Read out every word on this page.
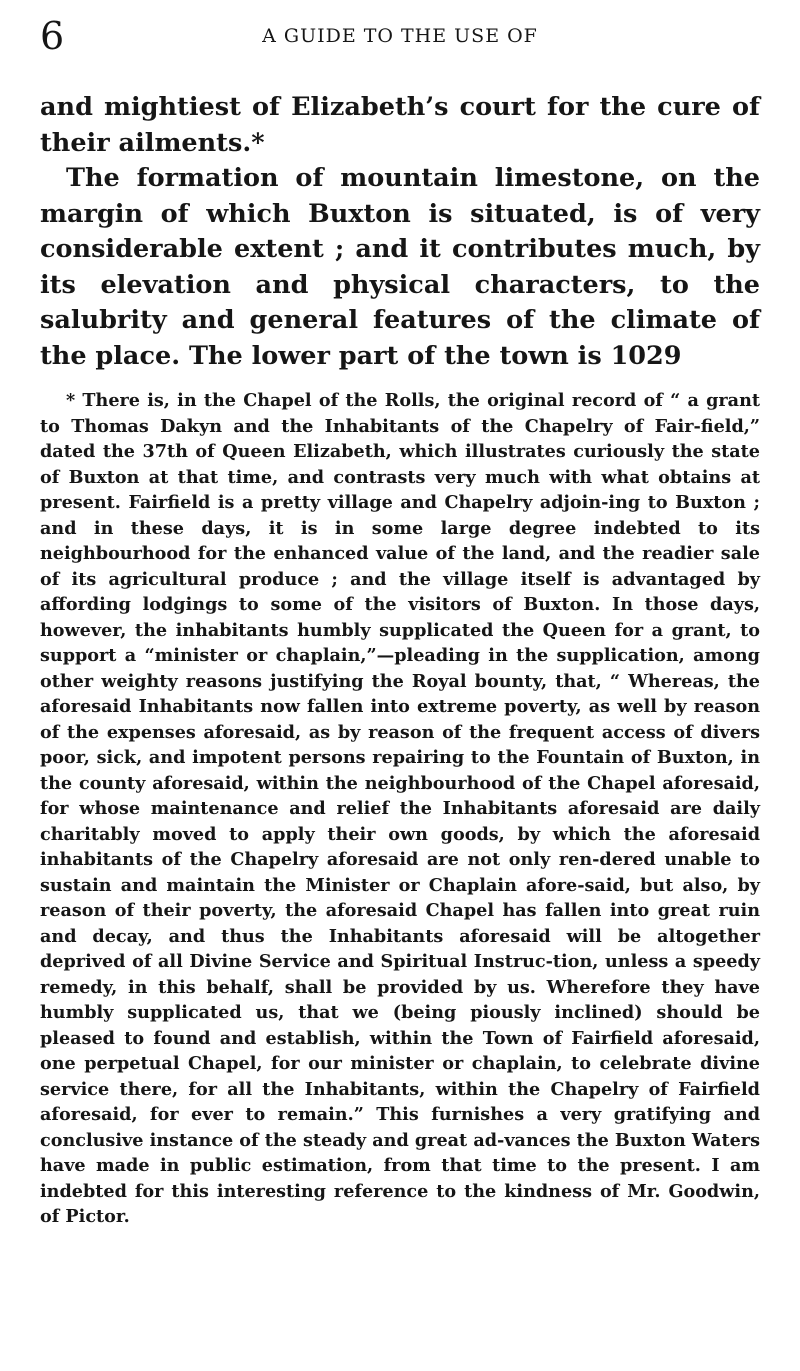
6	A GUIDE TO THE USE OF
and mightiest of Elizabeth’s court for the cure of their ailments.*
The formation of mountain limestone, on the margin of which Buxton is situated, is of very considerable extent ; and it contributes much, by its elevation and physical characters, to the salubrity and general features of the climate of the place. The lower part of the town is 1029

* There is, in the Chapel of the Rolls, the original record of “ a grant to Thomas Dakyn and the Inhabitants of the Chapelry of Fair-field,” dated the 37th of Queen Elizabeth, which illustrates curiously the state of Buxton at that time, and contrasts very much with what obtains at present. Fairfield is a pretty village and Chapelry adjoin-ing to Buxton ; and in these days, it is in some large degree indebted to its neighbourhood for the enhanced value of the land, and the readier sale of its agricultural produce ; and the village itself is advantaged by affording lodgings to some of the visitors of Buxton. In those days, however, the inhabitants humbly supplicated the Queen for a grant, to support a “minister or chaplain,”—pleading in the supplication, among other weighty reasons justifying the Royal bounty, that, “ Whereas, the aforesaid Inhabitants now fallen into extreme poverty, as well by reason of the expenses aforesaid, as by reason of the frequent access of divers poor, sick, and impotent persons repairing to the Fountain of Buxton, in the county aforesaid, within the neighbourhood of the Chapel aforesaid, for whose maintenance and relief the Inhabitants aforesaid are daily charitably moved to apply their own goods, by which the aforesaid inhabitants of the Chapelry aforesaid are not only ren-dered unable to sustain and maintain the Minister or Chaplain afore-said, but also, by reason of their poverty, the aforesaid Chapel has fallen into great ruin and decay, and thus the Inhabitants aforesaid will be altogether deprived of all Divine Service and Spiritual Instruc-tion, unless a speedy remedy, in this behalf, shall be provided by us. Wherefore they have humbly supplicated us, that we (being piously inclined) should be pleased to found and establish, within the Town of Fairfield aforesaid, one perpetual Chapel, for our minister or chaplain, to celebrate divine service there, for all the Inhabitants, within the Chapelry of Fairfield aforesaid, for ever to remain.” This furnishes a very gratifying and conclusive instance of the steady and great ad-vances the Buxton Waters have made in public estimation, from that time to the present. I am indebted for this interesting reference to the kindness of Mr. Goodwin, of Pictor.
